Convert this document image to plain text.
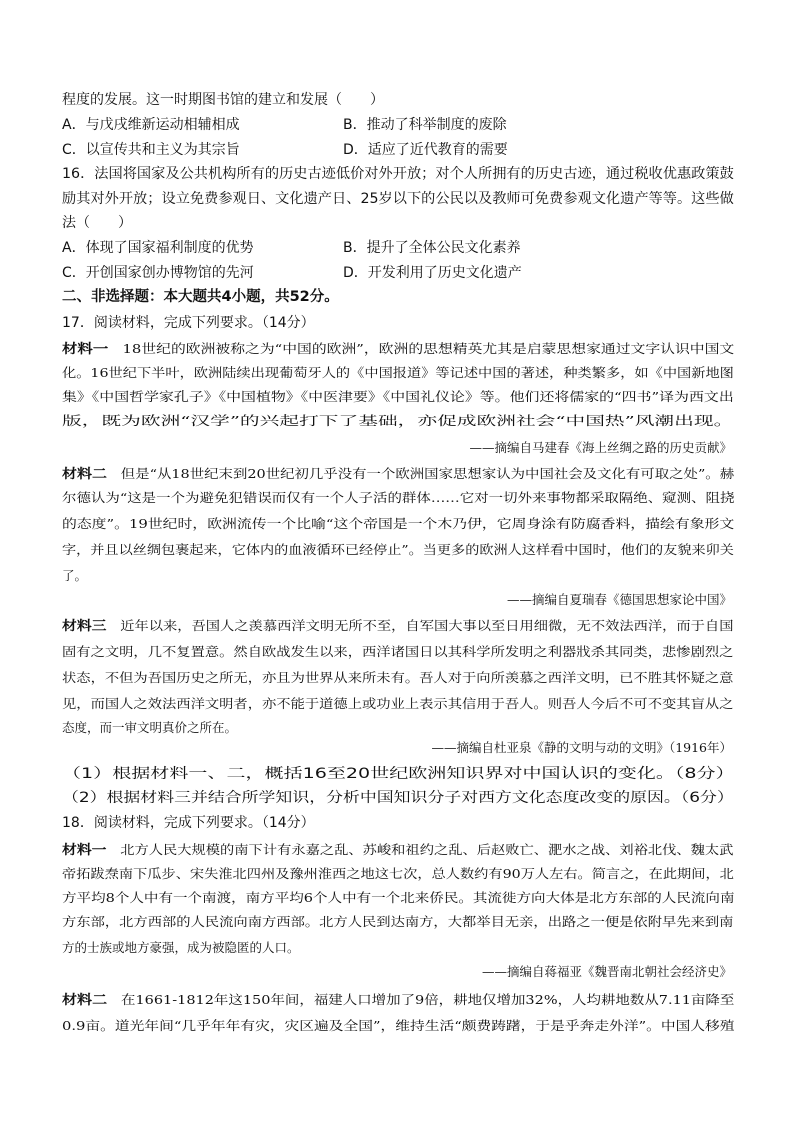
程度的发展。这一时期图书馆的建立和发展（　　）
A．与戊戌维新运动相辅相成	B．推动了科举制度的废除
C．以宣传共和主义为其宗旨	D．适应了近代教育的需要
16．法国将国家及公共机构所有的历史古迹低价对外开放；对个人所拥有的历史古迹，通过税收优惠政策鼓
励其对外开放；设立免费参观日、文化遗产日、25岁以下的公民以及教师可免费参观文化遗产等等。这些做
法（　　）
A．体现了国家福利制度的优势	B．提升了全体公民文化素养
C．开创国家创办博物馆的先河	D．开发利用了历史文化遗产
二、非选择题：本大题共4小题，共52分。
17．阅读材料，完成下列要求。（14分）
材料一 18世纪的欧洲被称之为“中国的欧洲”，欧洲的思想精英尤其是启蒙思想家通过文字认识中国文
化。16世纪下半叶，欧洲陆续出现葡萄牙人的《中国报道》等记述中国的著述，种类繁多，如《中国新地图
集》《中国哲学家孔子》《中国植物》《中医津要》《中国礼仪论》等。他们还将儒家的“四书”译为西文出
版，既为欧洲“汉学”的兴起打下了基础，亦促成欧洲社会“中国热”风潮出现。
——摘编自马建春《海上丝绸之路的历史贡献》
材料二 但是“从18世纪末到20世纪初几乎没有一个欧洲国家思想家认为中国社会及文化有可取之处”。赫
尔德认为“这是一个为避免犯错误而仅有一个人子活的群体……它对一切外来事物都采取隔绝、窥测、阻挠
的态度”。19世纪时，欧洲流传一个比喻“这个帝国是一个木乃伊，它周身涂有防腐香料，描绘有象形文
字，并且以丝绸包裹起来，它体内的血液循环已经停止”。当更多的欧洲人这样看中国时，他们的友貌来卯关
了。
——摘编自夏瑞春《德国思想家论中国》
材料三 近年以来，吾国人之羡慕西洋文明无所不至，自军国大事以至日用细微，无不效法西洋，而于自国
固有之文明，几不复置意。然自欧战发生以来，西洋诸国日以其科学所发明之利器戕杀其同类，悲惨剧烈之
状态，不但为吾国历史之所无，亦且为世界从来所未有。吾人对于向所羡慕之西洋文明，已不胜其怀疑之意
见，而国人之效法西洋文明者，亦不能于道德上或功业上表示其信用于吾人。则吾人今后不可不变其盲从之
态度，而一审文明真价之所在。
——摘编自杜亚泉《静的文明与动的文明》（1916年）
（1）根据材料一、二，概括16至20世纪欧洲知识界对中国认识的变化。（8分）
（2）根据材料三并结合所学知识，分析中国知识分子对西方文化态度改变的原因。（6分）
18．阅读材料，完成下列要求。（14分）
材料一 北方人民大规模的南下计有永嘉之乱、苏峻和祖约之乱、后赵败亡、淝水之战、刘裕北伐、魏太武
帝拓跋焘南下瓜步、宋失淮北四州及豫州淮西之地这七次，总人数约有90万人左右。简言之，在此期间，北
方平均8个人中有一个南渡，南方平均6个人中有一个北来侨民。其流徙方向大体是北方东部的人民流向南
方东部，北方西部的人民流向南方西部。北方人民到达南方，大都举目无亲，出路之一便是依附早先来到南
方的士族或地方豪强，成为被隐匿的人口。
——摘编自蒋福亚《魏晋南北朝社会经济史》
材料二 在1661-1812年这150年间，福建人口增加了9倍，耕地仅增加32%，人均耕地数从7.11亩降至
0.9亩。道光年间“几乎年年有灾，灾区遍及全国”，维持生活“颇费踌躇，于是乎奔走外洋”。中国人移殖
